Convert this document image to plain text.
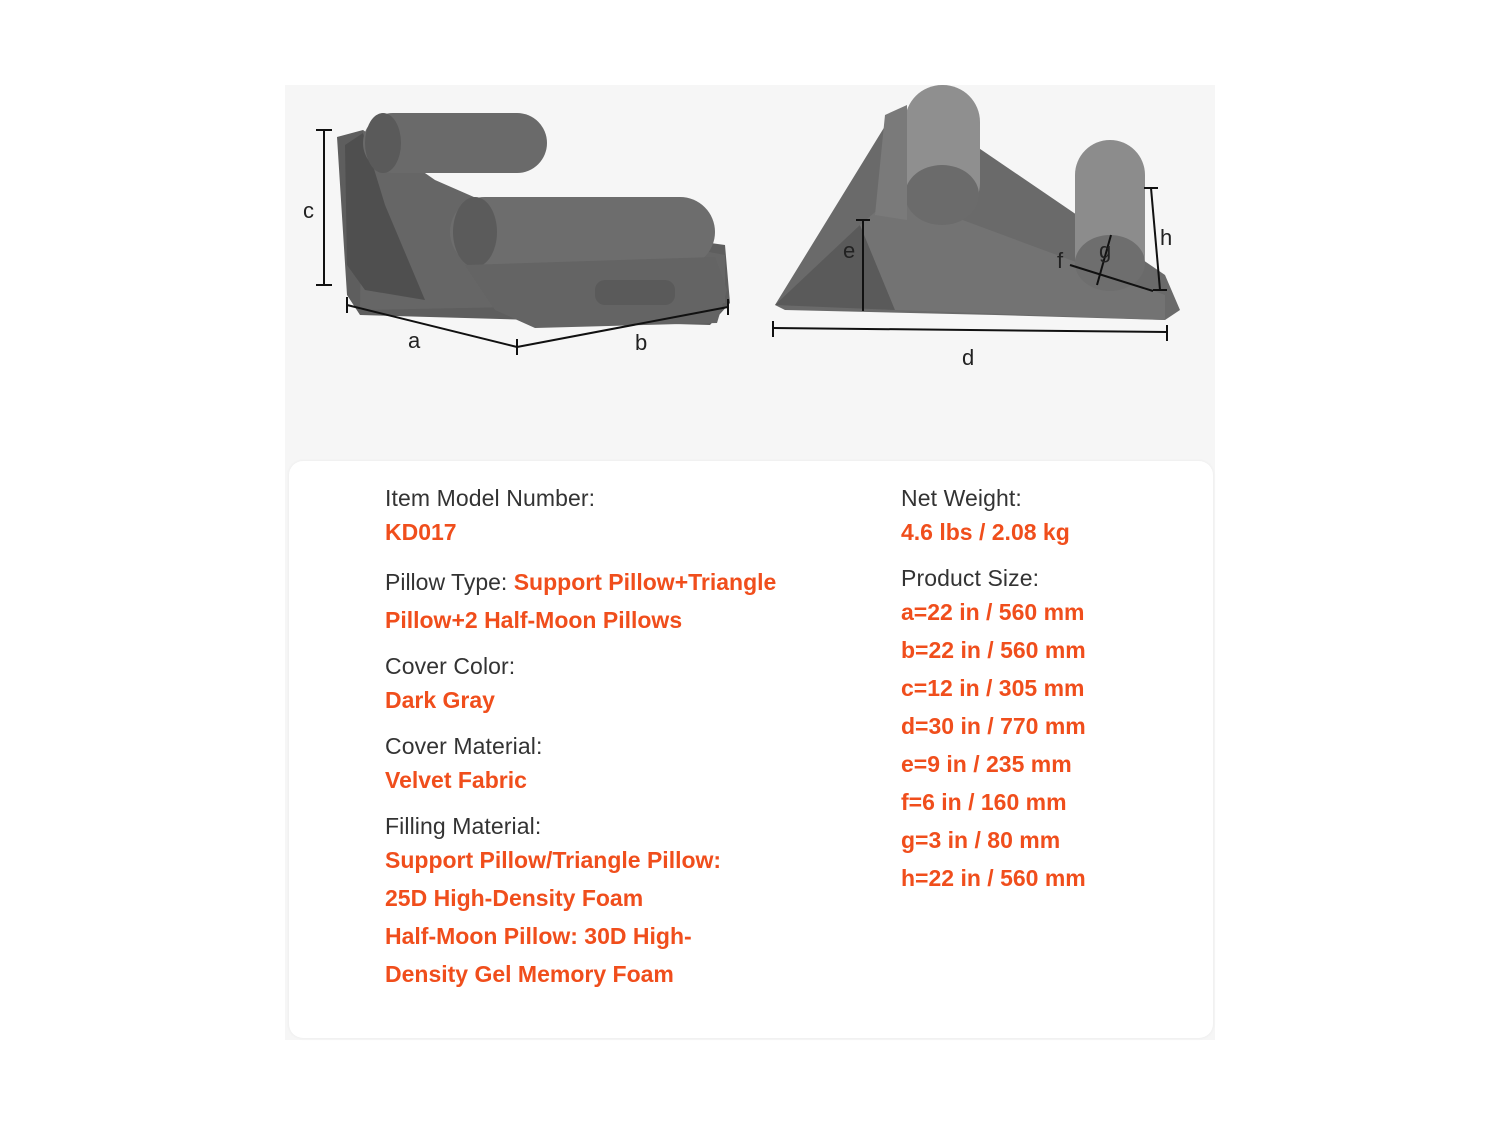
c
a	b
e
d
f g
h
Item Model Number:
KD017
Pillow Type: Support Pillow+Triangle
Pillow+2 Half-Moon Pillows
Cover Color:
Dark Gray
Cover Material:
Velvet Fabric
Filling Material:
Support Pillow/Triangle Pillow:
25D High-Density Foam
Half-Moon Pillow: 30D High-
Density Gel Memory Foam
Net Weight:
4.6 lbs / 2.08 kg
Product Size:
a=22 in / 560 mm
b=22 in / 560 mm
c=12 in / 305 mm
d=30 in / 770 mm
e=9 in / 235 mm
f=6 in / 160 mm
g=3 in / 80 mm
h=22 in / 560 mm
